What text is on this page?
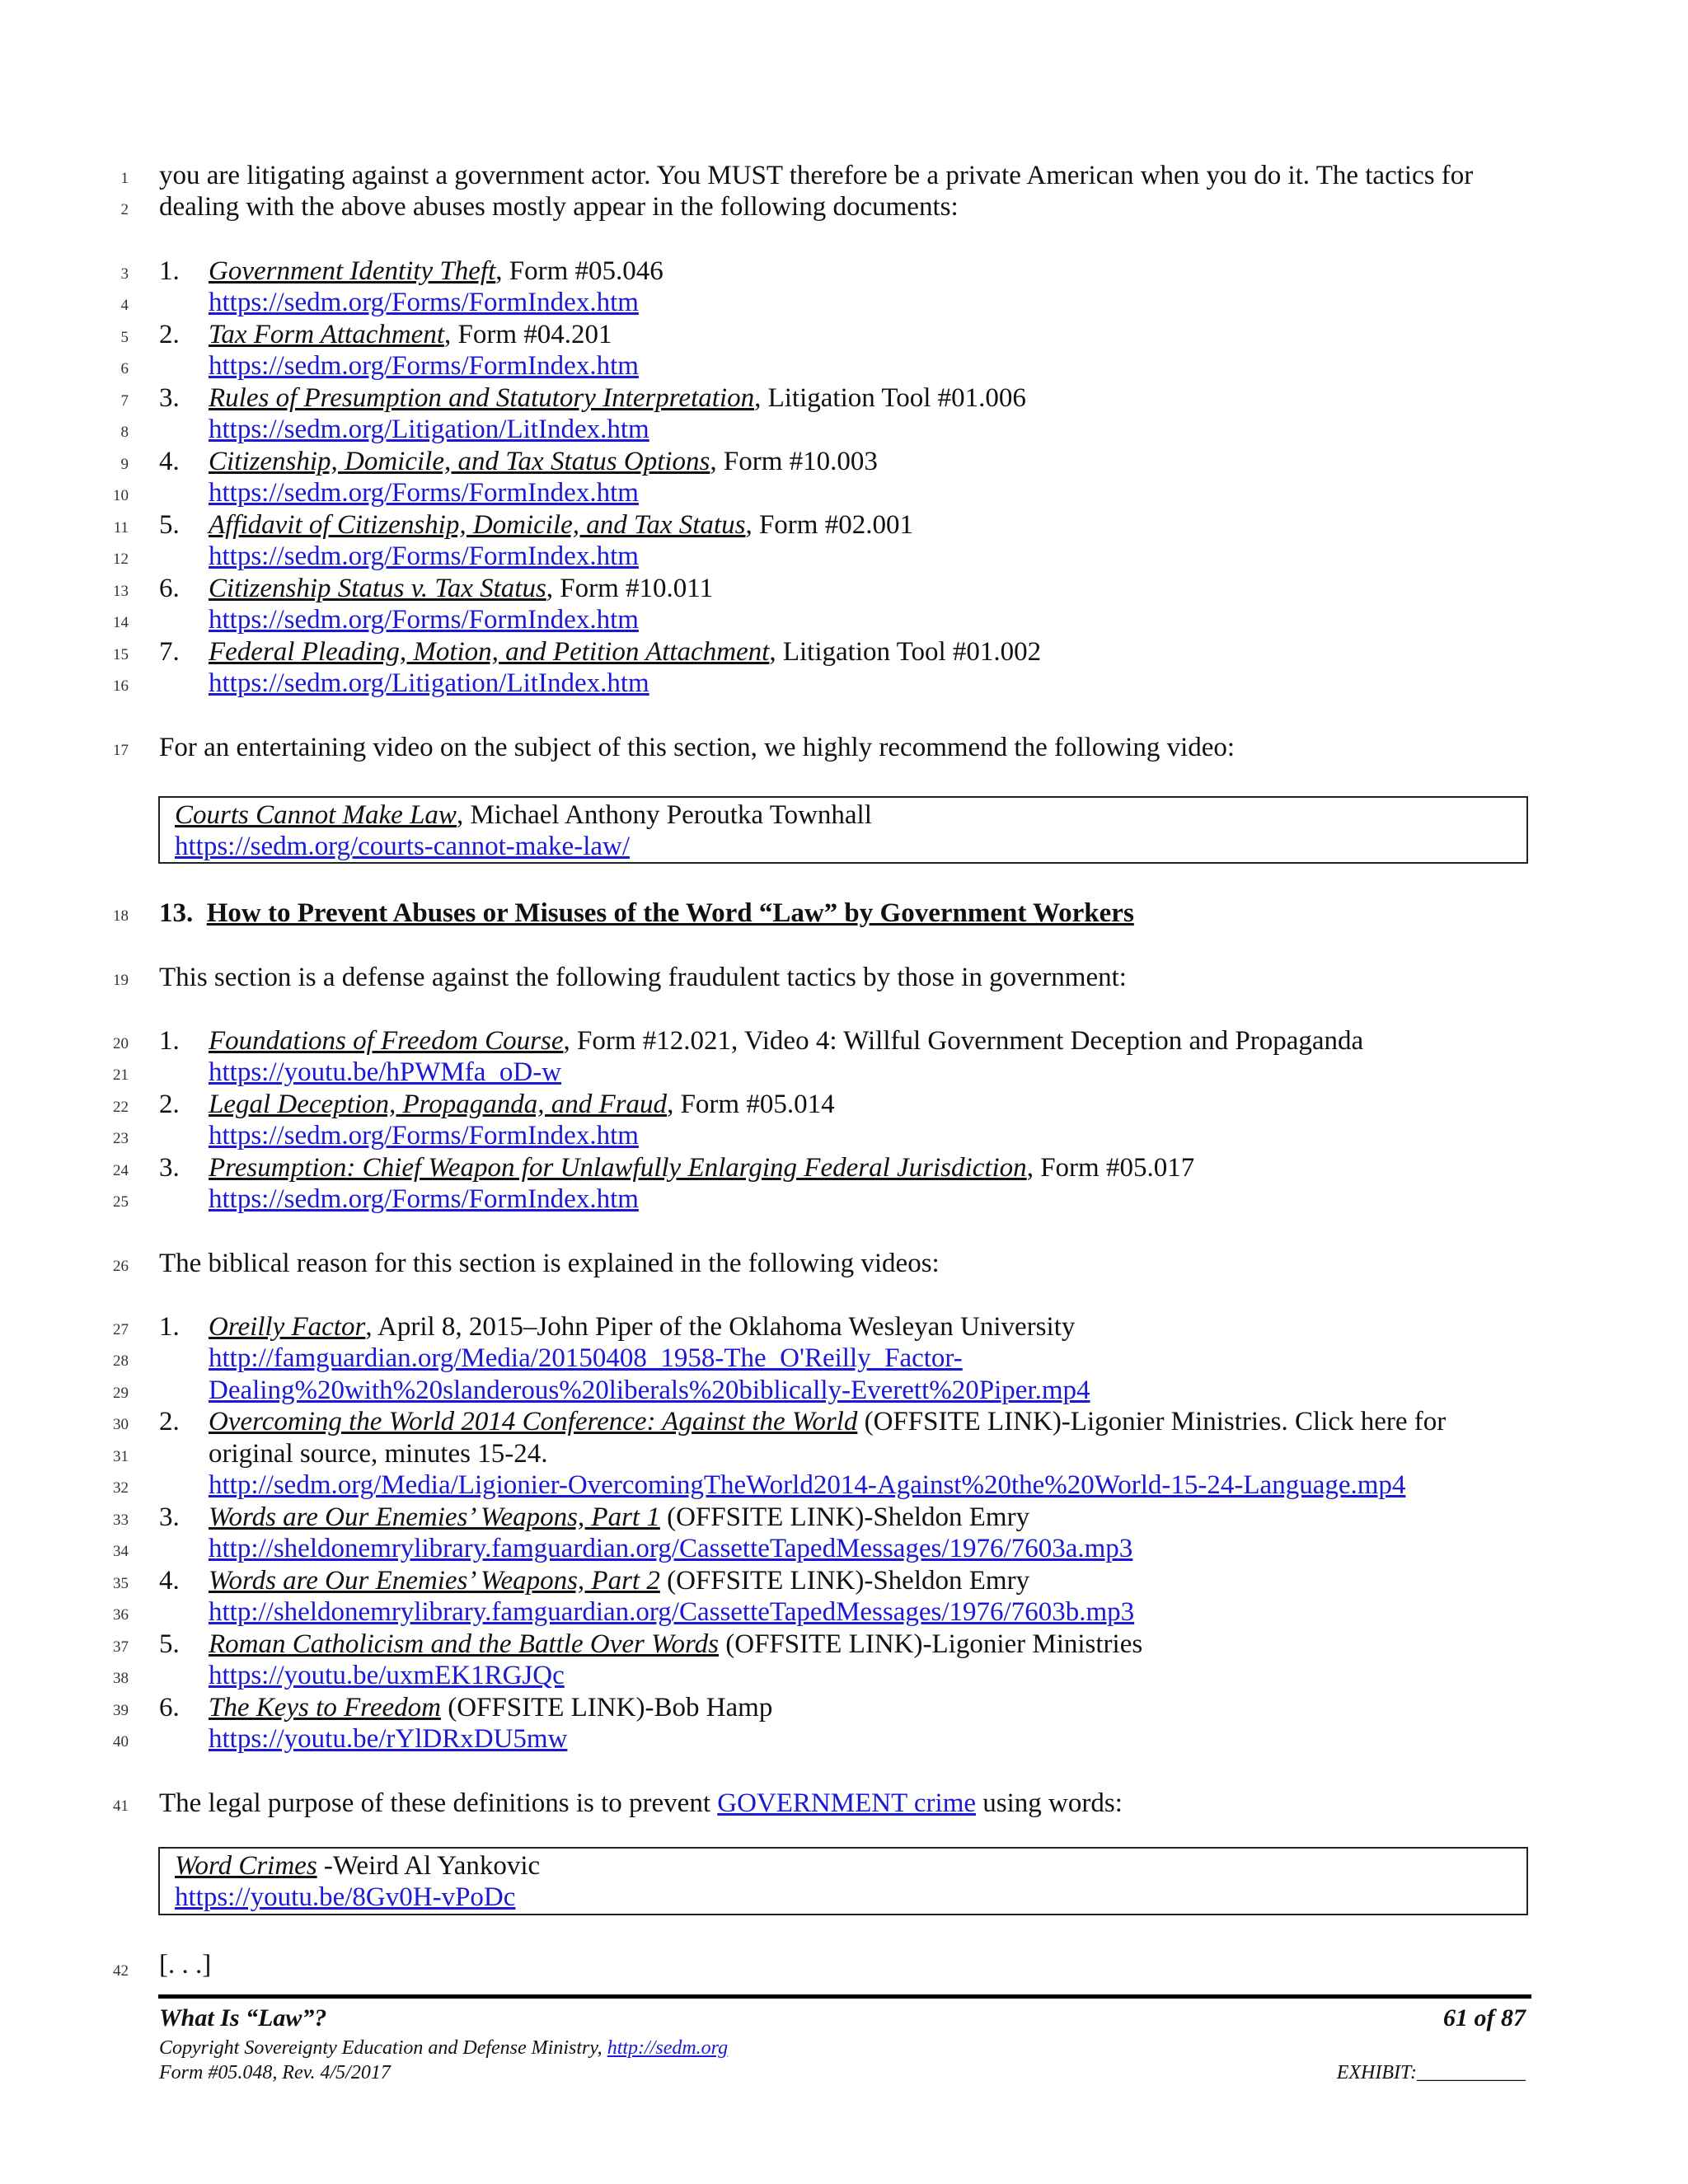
1
2
3
4
5
6
7
8
9
10
11
12
13
14
15
16
17
18
19
20
21
22
23
24
25
26
27
28
29
30
31
32
33
34
35
36
37
38
39
40
41
42
you are litigating against a government actor. You MUST therefore be a private American when you do it. The tactics for
dealing with the above abuses mostly appear in the following documents:
1. Government Identity Theft, Form #05.046
https://sedm.org/Forms/FormIndex.htm
2. Tax Form Attachment, Form #04.201
https://sedm.org/Forms/FormIndex.htm
3. Rules of Presumption and Statutory Interpretation, Litigation Tool #01.006
https://sedm.org/Litigation/LitIndex.htm
4. Citizenship, Domicile, and Tax Status Options, Form #10.003
https://sedm.org/Forms/FormIndex.htm
5. Affidavit of Citizenship, Domicile, and Tax Status, Form #02.001
https://sedm.org/Forms/FormIndex.htm
6. Citizenship Status v. Tax Status, Form #10.011
https://sedm.org/Forms/FormIndex.htm
7. Federal Pleading, Motion, and Petition Attachment, Litigation Tool #01.002
https://sedm.org/Litigation/LitIndex.htm
For an entertaining video on the subject of this section, we highly recommend the following video:
Courts Cannot Make Law, Michael Anthony Peroutka Townhall
https://sedm.org/courts-cannot-make-law/
13. How to Prevent Abuses or Misuses of the Word “Law” by Government Workers
This section is a defense against the following fraudulent tactics by those in government:
1. Foundations of Freedom Course, Form #12.021, Video 4: Willful Government Deception and Propaganda
https://youtu.be/hPWMfa_oD-w
2. Legal Deception, Propaganda, and Fraud, Form #05.014
https://sedm.org/Forms/FormIndex.htm
3. Presumption: Chief Weapon for Unlawfully Enlarging Federal Jurisdiction, Form #05.017
https://sedm.org/Forms/FormIndex.htm
The biblical reason for this section is explained in the following videos:
1. Oreilly Factor, April 8, 2015–John Piper of the Oklahoma Wesleyan University
http://famguardian.org/Media/20150408_1958-The_O'Reilly_Factor-
Dealing%20with%20slanderous%20liberals%20biblically-Everett%20Piper.mp4
2. Overcoming the World 2014 Conference: Against the World (OFFSITE LINK)-Ligonier Ministries. Click here for
original source, minutes 15-24.
http://sedm.org/Media/Ligionier-OvercomingTheWorld2014-Against%20the%20World-15-24-Language.mp4
3. Words are Our Enemies’ Weapons, Part 1 (OFFSITE LINK)-Sheldon Emry
http://sheldonemrylibrary.famguardian.org/CassetteTapedMessages/1976/7603a.mp3
4. Words are Our Enemies’ Weapons, Part 2 (OFFSITE LINK)-Sheldon Emry
http://sheldonemrylibrary.famguardian.org/CassetteTapedMessages/1976/7603b.mp3
5. Roman Catholicism and the Battle Over Words (OFFSITE LINK)-Ligonier Ministries
https://youtu.be/uxmEK1RGJQc
6. The Keys to Freedom (OFFSITE LINK)-Bob Hamp
https://youtu.be/rYlDRxDU5mw
The legal purpose of these definitions is to prevent GOVERNMENT crime using words:
Word Crimes -Weird Al Yankovic
https://youtu.be/8Gv0H-vPoDc
[. . .]
What Is “Law”?	61 of 87
Copyright Sovereignty Education and Defense Ministry, http://sedm.org
Form #05.048, Rev. 4/5/2017	EXHIBIT:___________
